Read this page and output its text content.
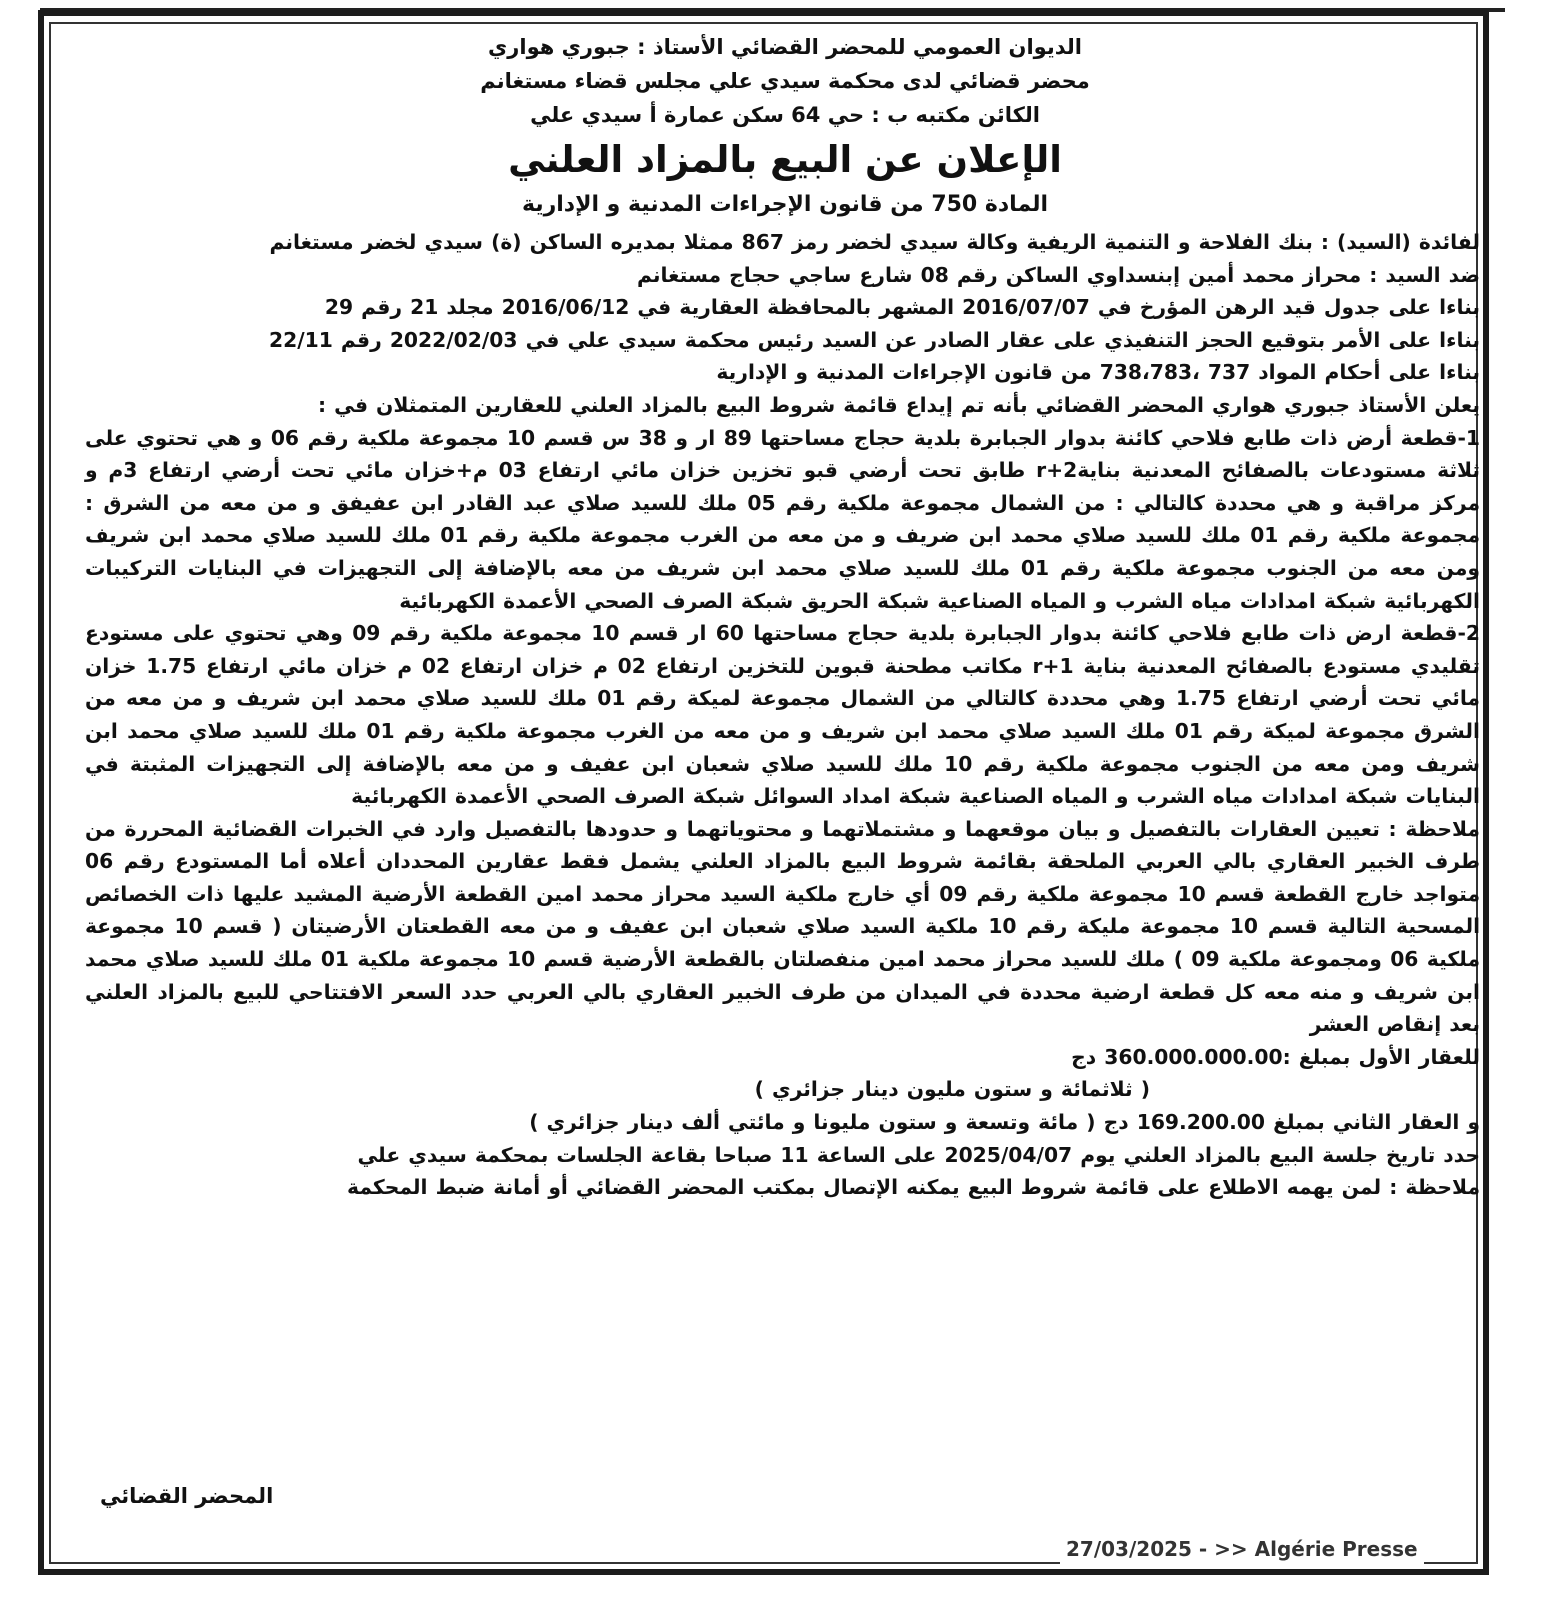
الديوان العمومي للمحضر القضائي الأستاذ : جبوري هواري
محضر قضائي لدى محكمة سيدي علي مجلس قضاء مستغانم
الكائن مكتبه ب : حي 64 سكن عمارة أ سيدي علي
الإعلان عن البيع بالمزاد العلني
المادة 750 من قانون الإجراءات المدنية و الإدارية

لفائدة (السيد) : بنك الفلاحة و التنمية الريفية وكالة سيدي لخضر رمز 867 ممثلا بمديره الساكن (ة) سيدي لخضر مستغانم

ضد السيد : محراز محمد أمين إبنسداوي الساكن رقم 08 شارع ساجي حجاج مستغانم

بناءا على جدول قيد الرهن المؤرخ في 2016/07/07 المشهر بالمحافظة العقارية في 2016/06/12 مجلد 21 رقم 29

بناءا على الأمر بتوقيع الحجز التنفيذي على عقار الصادر عن السيد رئيس محكمة سيدي علي في 2022/02/03 رقم 22/11

بناءا على أحكام المواد 737 ،738،783 من قانون الإجراءات المدنية و الإدارية

يعلن الأستاذ جبوري هواري المحضر القضائي بأنه تم إيداع قائمة شروط البيع بالمزاد العلني للعقارين المتمثلان في :

1-قطعة أرض ذات طابع فلاحي كائنة بدوار الجبابرة بلدية حجاج مساحتها 89 ار و 38 س قسم 10 مجموعة ملكية رقم 06 و هي تحتوي على ثلاثة مستودعات بالصفائح المعدنية بناية2+r طابق تحت أرضي قبو تخزين خزان مائي ارتفاع 03 م+خزان مائي تحت أرضي ارتفاع 3م و مركز مراقبة و هي محددة كالتالي : من الشمال مجموعة ملكية رقم 05 ملك للسيد صلاي عبد القادر ابن عفيفق و من معه من الشرق : مجموعة ملكية رقم 01 ملك للسيد صلاي محمد ابن ضريف و من معه من الغرب مجموعة ملكية رقم 01 ملك للسيد صلاي محمد ابن شريف ومن معه من الجنوب مجموعة ملكية رقم 01 ملك للسيد صلاي محمد ابن شريف من معه بالإضافة إلى التجهيزات في البنايات التركيبات الكهربائية شبكة امدادات مياه الشرب و المياه الصناعية شبكة الحريق شبكة الصرف الصحي الأعمدة الكهربائية

2-قطعة ارض ذات طابع فلاحي كائنة بدوار الجبابرة بلدية حجاج مساحتها 60 ار قسم 10 مجموعة ملكية رقم 09 وهي تحتوي على مستودع تقليدي مستودع بالصفائح المعدنية بناية r+1 مكاتب مطحنة قبوين للتخزين ارتفاع 02 م خزان ارتفاع 02 م خزان مائي ارتفاع 1.75 خزان مائي تحت أرضي ارتفاع 1.75 وهي محددة كالتالي من الشمال مجموعة لميكة رقم 01 ملك للسيد صلاي محمد ابن شريف و من معه من الشرق مجموعة لميكة رقم 01 ملك السيد صلاي محمد ابن شريف و من معه من الغرب مجموعة ملكية رقم 01 ملك للسيد صلاي محمد ابن شريف ومن معه من الجنوب مجموعة ملكية رقم 10 ملك للسيد صلاي شعبان ابن عفيف و من معه بالإضافة إلى التجهيزات المثبتة في البنايات شبكة امدادات مياه الشرب و المياه الصناعية شبكة امداد السوائل شبكة الصرف الصحي الأعمدة الكهربائية

ملاحظة : تعيين العقارات بالتفصيل و بيان موقعهما و مشتملاتهما و محتوياتهما و حدودها بالتفصيل وارد في الخبرات القضائية المحررة من طرف الخبير العقاري بالي العربي الملحقة بقائمة شروط البيع بالمزاد العلني يشمل فقط عقارين المحددان أعلاه أما المستودع رقم 06 متواجد خارج القطعة قسم 10 مجموعة ملكية رقم 09 أي خارج ملكية السيد محراز محمد امين القطعة الأرضية المشيد عليها ذات الخصائص المسحية التالية قسم 10 مجموعة مليكة رقم 10 ملكية السيد صلاي شعبان ابن عفيف و من معه القطعتان الأرضيتان ( قسم 10 مجموعة ملكية 06 ومجموعة ملكية 09 ) ملك للسيد محراز محمد امين منفصلتان بالقطعة الأرضية قسم 10 مجموعة ملكية 01 ملك للسيد صلاي محمد ابن شريف و منه معه كل قطعة ارضية محددة في الميدان من طرف الخبير العقاري بالي العربي حدد السعر الافتتاحي للبيع بالمزاد العلني بعد إنقاص العشر

للعقار الأول بمبلغ :360.000.000.00 دج

( ثلاثمائة و ستون مليون دينار جزائري )

و العقار الثاني بمبلغ 169.200.00 دج ( مائة وتسعة و ستون مليونا و مائتي ألف دينار جزائري )

حدد تاريخ جلسة البيع بالمزاد العلني يوم 2025/04/07 على الساعة 11 صباحا بقاعة الجلسات بمحكمة سيدي علي

ملاحظة : لمن يهمه الاطلاع على قائمة شروط البيع يمكنه الإتصال بمكتب المحضر القضائي أو أمانة ضبط المحكمة

المحضر القضائي
27/03/2025 - >> Algérie Presse
